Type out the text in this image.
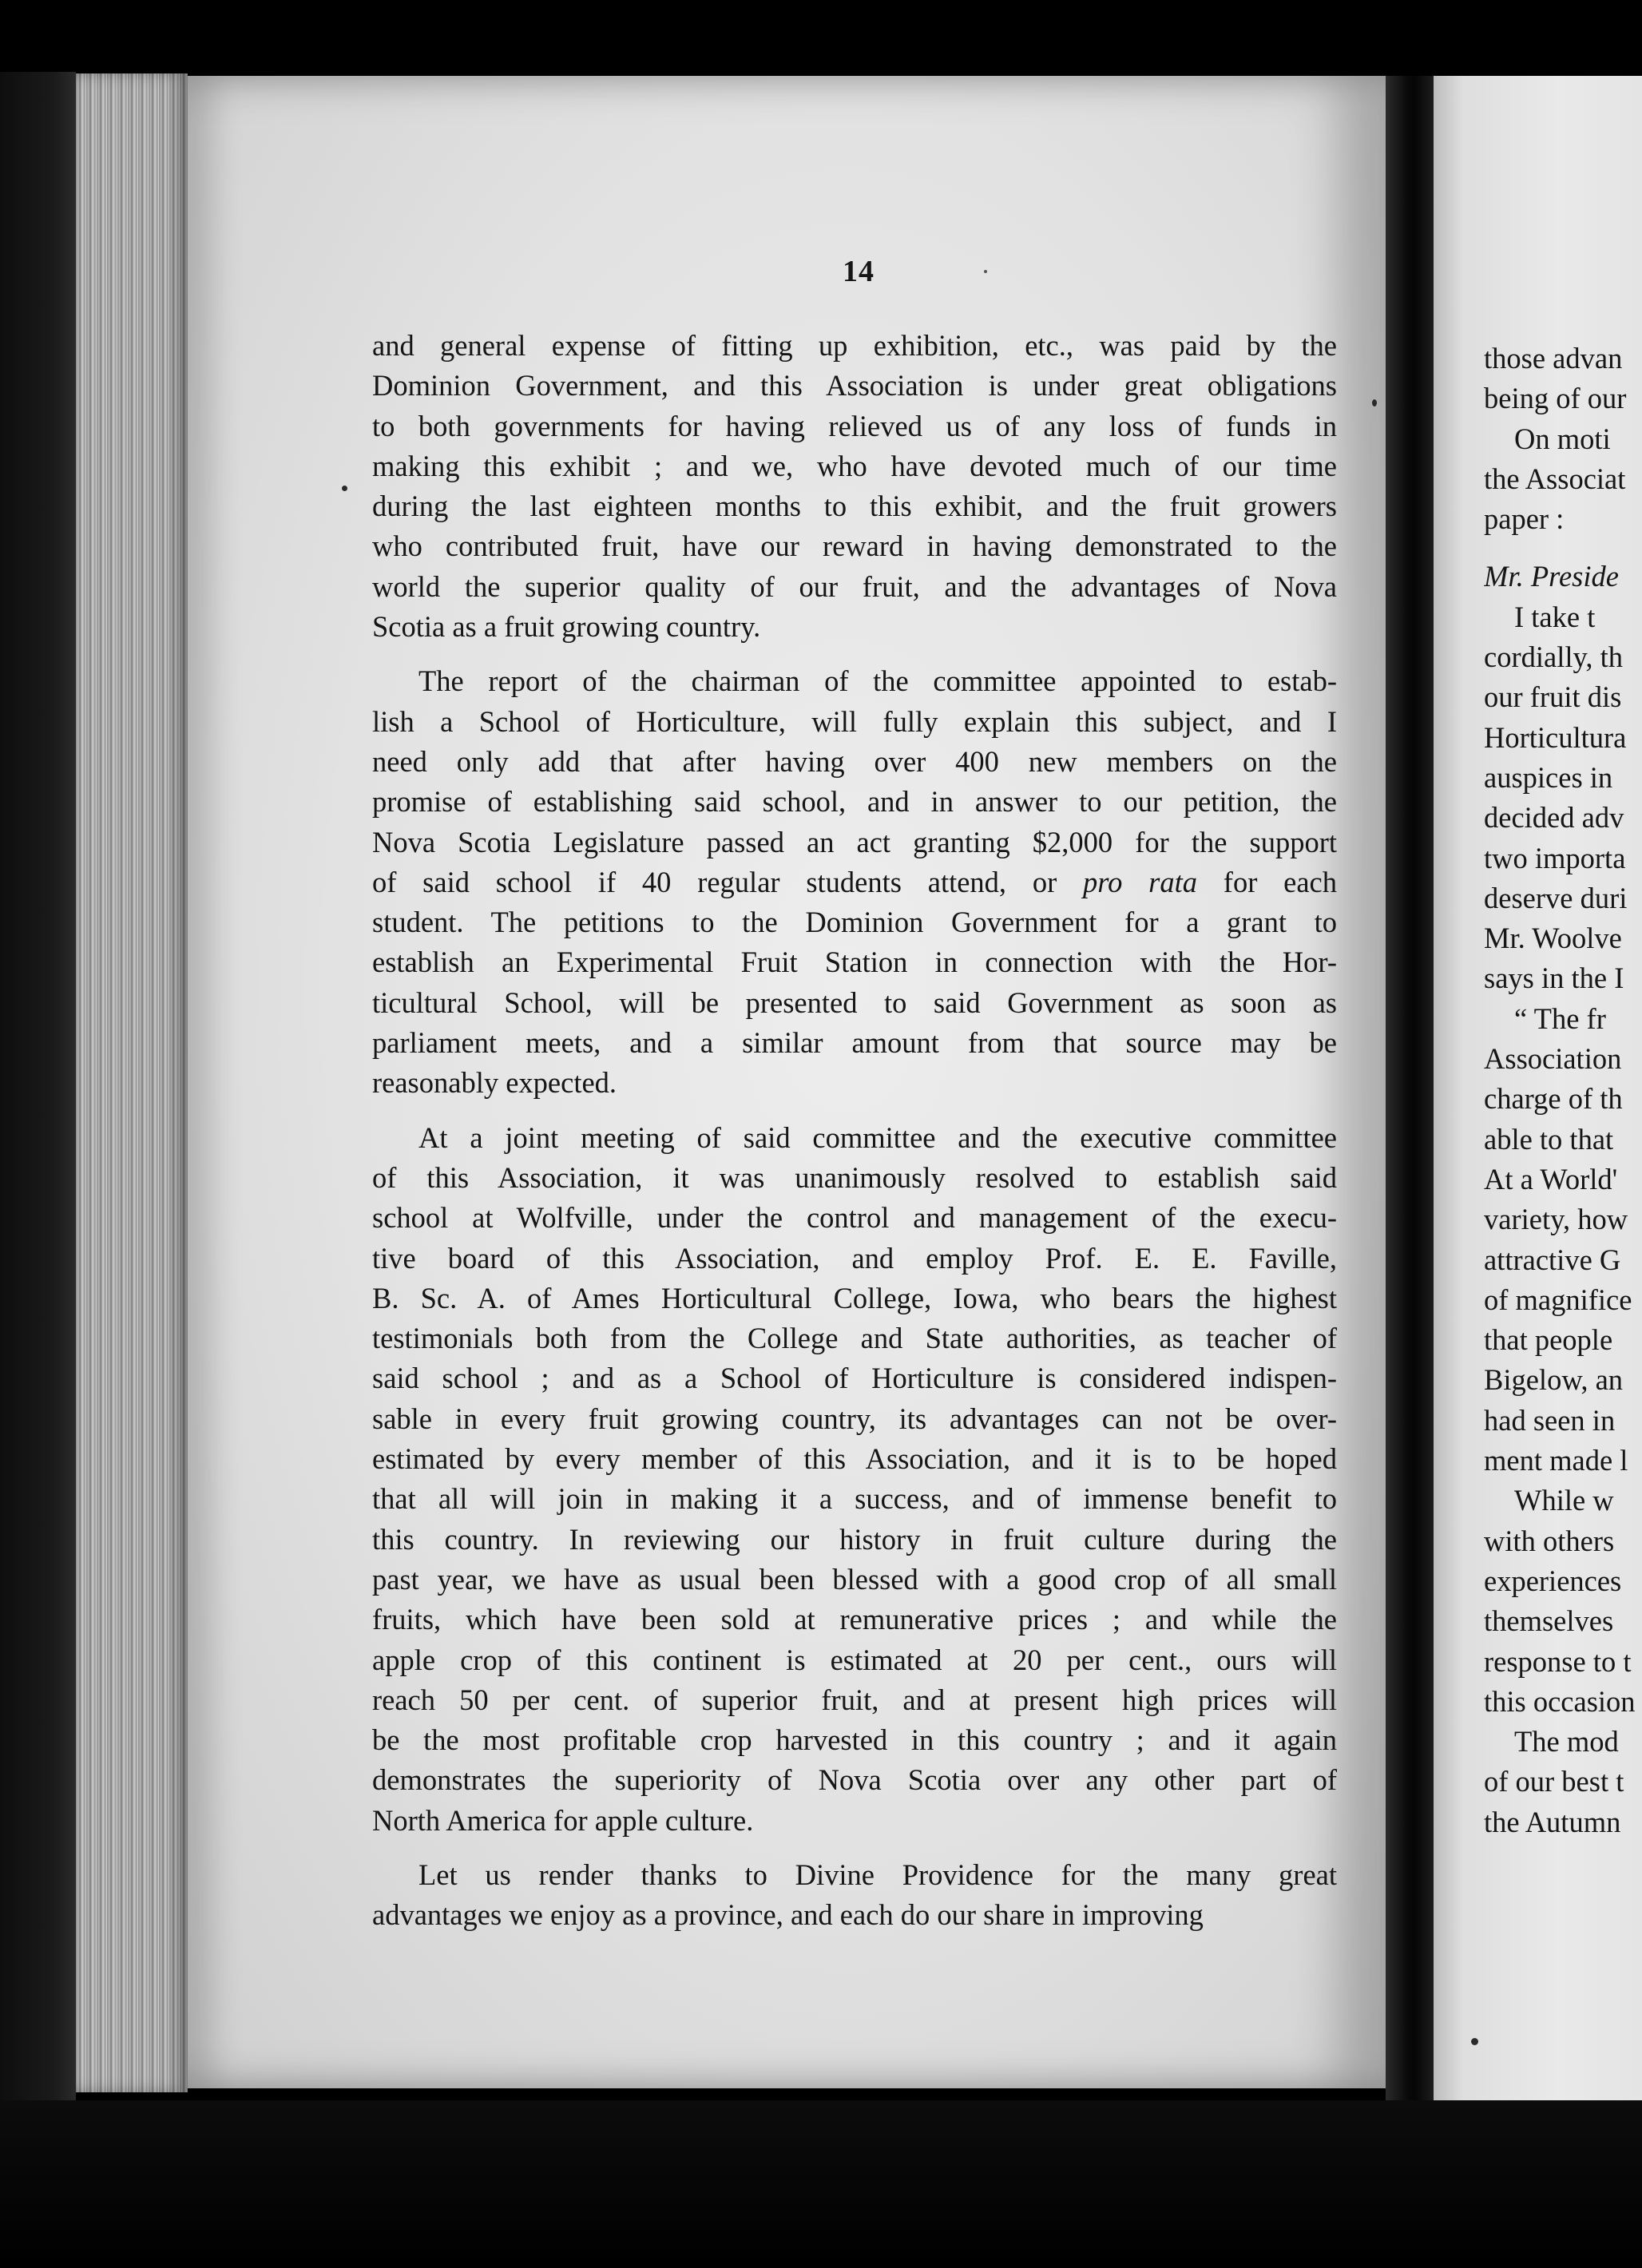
14

and general expense of fitting up exhibition, etc., was paid by the
Dominion Government, and this Association is under great obligations
to both governments for having relieved us of any loss of funds in
making this exhibit ; and we, who have devoted much of our time
during the last eighteen months to this exhibit, and the fruit growers
who contributed fruit, have our reward in having demonstrated to the
world the superior quality of our fruit, and the advantages of Nova
Scotia as a fruit growing country.

The report of the chairman of the committee appointed to estab-
lish a School of Horticulture, will fully explain this subject, and I
need only add that after having over 400 new members on the
promise of establishing said school, and in answer to our petition, the
Nova Scotia Legislature passed an act granting $2,000 for the support
of said school if 40 regular students attend, or pro rata for each
student. The petitions to the Dominion Government for a grant to
establish an Experimental Fruit Station in connection with the Hor-
ticultural School, will be presented to said Government as soon as
parliament meets, and a similar amount from that source may be
reasonably expected.

At a joint meeting of said committee and the executive committee
of this Association, it was unanimously resolved to establish said
school at Wolfville, under the control and management of the execu-
tive board of this Association, and employ Prof. E. E. Faville,
B. Sc. A. of Ames Horticultural College, Iowa, who bears the highest
testimonials both from the College and State authorities, as teacher of
said school ; and as a School of Horticulture is considered indispen-
sable in every fruit growing country, its advantages can not be over-
estimated by every member of this Association, and it is to be hoped
that all will join in making it a success, and of immense benefit to
this country. In reviewing our history in fruit culture during the
past year, we have as usual been blessed with a good crop of all small
fruits, which have been sold at remunerative prices ; and while the
apple crop of this continent is estimated at 20 per cent., ours will
reach 50 per cent. of superior fruit, and at present high prices will
be the most profitable crop harvested in this country ; and it again
demonstrates the superiority of Nova Scotia over any other part of
North America for apple culture.

Let us render thanks to Divine Providence for the many great
advantages we enjoy as a province, and each do our share in improving

those advan
being of our
On moti
the Associat
paper :
Mr. Preside
I take t
cordially, th
our fruit dis
Horticultura
auspices in
decided adv
two importa
deserve duri
Mr. Woolve
says in the I
“ The fr
Association
charge of th
able to that
At a World'
variety, how
attractive G
of magnifice
that people
Bigelow, an
had seen in
ment made l
While w
with others
experiences
themselves
response to t
this occasion
The mod
of our best t
the Autumn
